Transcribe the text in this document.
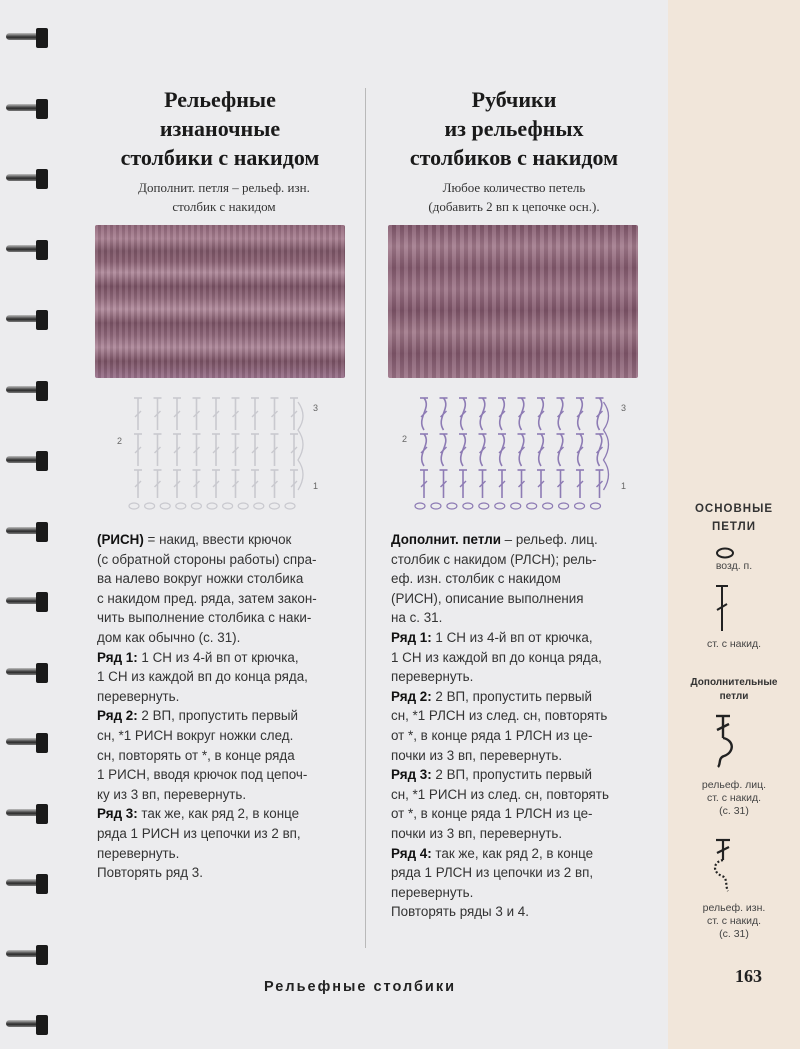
Рельефные
изнаночные
столбики с накидом
Дополнит. петля – рельеф. изн.
столбик с накидом
3
2
1

(РИСН) = накид, ввести крючок

(с обратной стороны работы) спра-

ва налево вокруг ножки столбика

с накидом пред. ряда, затем закон-

чить выполнение столбика с наки-

дом как обычно (с. 31).

Ряд 1: 1 СН из 4-й вп от крючка,

1 СН из каждой вп до конца ряда,

перевернуть.

Ряд 2: 2 ВП, пропустить первый

сн, *1 РИСН вокруг ножки след.

сн, повторять от *, в конце ряда

1 РИСН, вводя крючок под цепоч-

ку из 3 вп, перевернуть.

Ряд 3: так же, как ряд 2, в конце

ряда 1 РИСН из цепочки из 2 вп,

перевернуть.

Повторять ряд 3.

Рубчики
из рельефных
столбиков с накидом
Любое количество петель
(добавить 2 вп к цепочке осн.).
3
2
1

Дополнит. петли – рельеф. лиц.

столбик с накидом (РЛСН); рель-

еф. изн. столбик с накидом

(РИСН), описание выполнения

на с. 31.

Ряд 1: 1 СН из 4-й вп от крючка,

1 СН из каждой вп до конца ряда,

перевернуть.

Ряд 2: 2 ВП, пропустить первый

сн, *1 РЛСН из след. сн, повторять

от *, в конце ряда 1 РЛСН из це-

почки из 3 вп, перевернуть.

Ряд 3: 2 ВП, пропустить первый

сн, *1 РИСН из след. сн, повторять

от *, в конце ряда 1 РЛСН из це-

почки из 3 вп, перевернуть.

Ряд 4: так же, как ряд 2, в конце

ряда 1 РЛСН из цепочки из 2 вп,

перевернуть.

Повторять ряды 3 и 4.

ОСНОВНЫЕ
ПЕТЛИ
возд. п.
ст. с накид.
Дополнительные
петли
рельеф. лиц.
ст. с накид.
(с. 31)
рельеф. изн.
ст. с накид.
(с. 31)
Рельефные столбики
163
